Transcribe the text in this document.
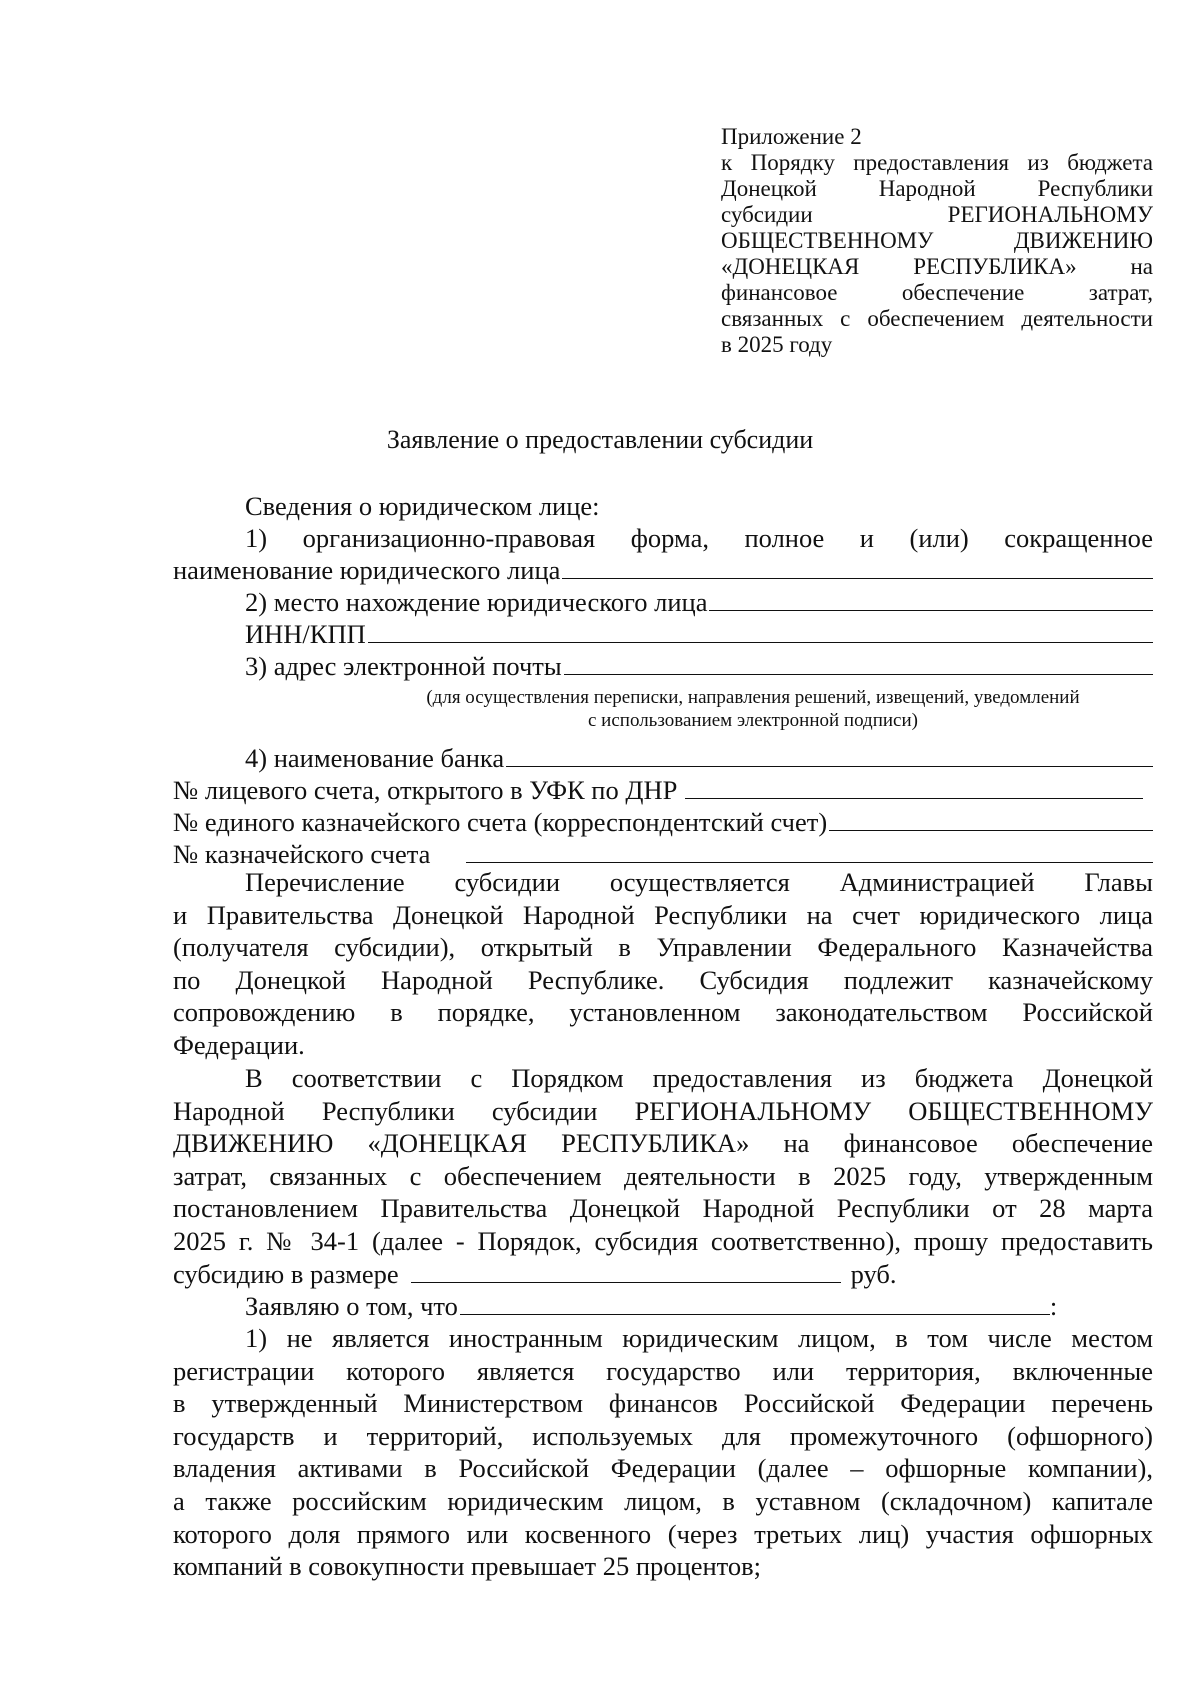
Приложение 2
к Порядку предоставления из бюджета
Донецкой Народной Республики
субсидии РЕГИОНАЛЬНОМУ
ОБЩЕСТВЕННОМУ ДВИЖЕНИЮ
«ДОНЕЦКАЯ РЕСПУБЛИКА» на
финансовое обеспечение затрат,
связанных с обеспечением деятельности
в 2025 году
Заявление о предоставлении субсидии
Сведения о юридическом лице:
1) организационно-правовая форма, полное и (или) сокращенное
наименование юридического лица
2) место нахождение юридического лица
ИНН/КПП
3) адрес электронной почты
(для осуществления переписки, направления решений, извещений, уведомлений
с использованием электронной подписи)
4) наименование банка
№ лицевого счета, открытого в УФК по ДНР
№ единого казначейского счета (корреспондентский счет)
№ казначейского счета
Перечисление субсидии осуществляется Администрацией Главы
и Правительства Донецкой Народной Республики на счет юридического лица
(получателя субсидии), открытый в Управлении Федерального Казначейства
по Донецкой Народной Республике. Субсидия подлежит казначейскому
сопровождению в порядке, установленном законодательством Российской
Федерации.
В соответствии с Порядком предоставления из бюджета Донецкой
Народной Республики субсидии РЕГИОНАЛЬНОМУ ОБЩЕСТВЕННОМУ
ДВИЖЕНИЮ «ДОНЕЦКАЯ РЕСПУБЛИКА» на финансовое обеспечение
затрат, связанных с обеспечением деятельности в 2025 году, утвержденным
постановлением Правительства Донецкой Народной Республики от 28 марта
2025 г. № 34-1 (далее - Порядок, субсидия соответственно), прошу предоставить
субсидию в размере	руб.
Заявляю о том, что	:
1) не является иностранным юридическим лицом, в том числе местом
регистрации которого является государство или территория, включенные
в утвержденный Министерством финансов Российской Федерации перечень
государств и территорий, используемых для промежуточного (офшорного)
владения активами в Российской Федерации (далее – офшорные компании),
а также российским юридическим лицом, в уставном (складочном) капитале
которого доля прямого или косвенного (через третьих лиц) участия офшорных
компаний в совокупности превышает 25 процентов;
